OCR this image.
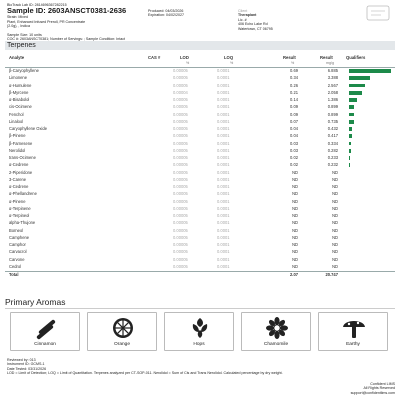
BioTrack Lab ID: 2814696367282215
Sample ID: 2603ANSCT0381-2636
Strain: Mixed
Plant, Enhanced Infused Preroll, PR Concentrate
(2.0g), , Indica
Produced: 04/03/2026
Expiration: 04/02/2027
Client
Theraplant
Lic. #
406 Echo Lake Rd
Watertown, CT 06795
Sample Size: 10 units
COC #: 2603ANSCT0381; Number of Servings: ; Sample Condition: Intact
Terpenes
Analyte	CAS #	LOD	LOQ	Result	Result	Qualifiers
%	%	%	mg/g
β-Caryophyllene	0.00005	0.0001	0.69	6.885
Limonene	0.00005	0.0001	0.34	3.388
α-Humulene	0.00005	0.0001	0.26	2.567
β-Myrcene	0.00004	0.0001	0.21	2.058
α-Bisabolol	0.00005	0.0001	0.14	1.386
cis-Ocimene	0.00005	0.0001	0.09	0.899
Fenchol	0.00005	0.0001	0.09	0.899
Linalool	0.00005	0.0001	0.07	0.735
Caryophyllene Oxide	0.00005	0.0001	0.04	0.432
β-Pinene	0.00005	0.0001	0.04	0.417
β-Farnesene	0.00005	0.0001	0.03	0.334
Nerolidol	0.00005	0.0001	0.03	0.282
trans-Ocimene	0.00005	0.0001	0.02	0.233
α-Cedrene	0.00005	0.0001	0.02	0.232
2-Piperidone	0.00005	0.0001	ND	ND
3-Carene	0.00005	0.0001	ND	ND
α-Cedrene	0.00005	0.0001	ND	ND
α-Phellandrene	0.00005	0.0001	ND	ND
α-Pinene	0.00005	0.0001	ND	ND
α-Terpinene	0.00005	0.0001	ND	ND
α-Terpineol	0.00005	0.0001	ND	ND
alpha-Thujone	0.00005	0.0001	ND	ND
Borneol	0.00005	0.0001	ND	ND
Camphene	0.00005	0.0001	ND	ND
Camphor	0.00005	0.0001	ND	ND
Carvacrol	0.00005	0.0001	ND	ND
Carvone	0.00005	0.0001	ND	ND
Cedrol	0.00005	0.0001	ND	ND
Total	2.07	20.747
Primary Aromas
Cinnamon	Orange	Hops	Chamomile	Earthy
Reviewed by: 013
Instrument ID: GCMS-1
Date Tested: 03/31/2026
LOD = Limit of Detection; LOQ = Limit of Quantitation. Terpenes analyzed per CT-SOP-011. Nerolidol = Sum of Cis and Trans Nerolidol. Calculated percentage by dry weight.
Confident LIMS
All Rights Reserved
support@confidentlims.com
